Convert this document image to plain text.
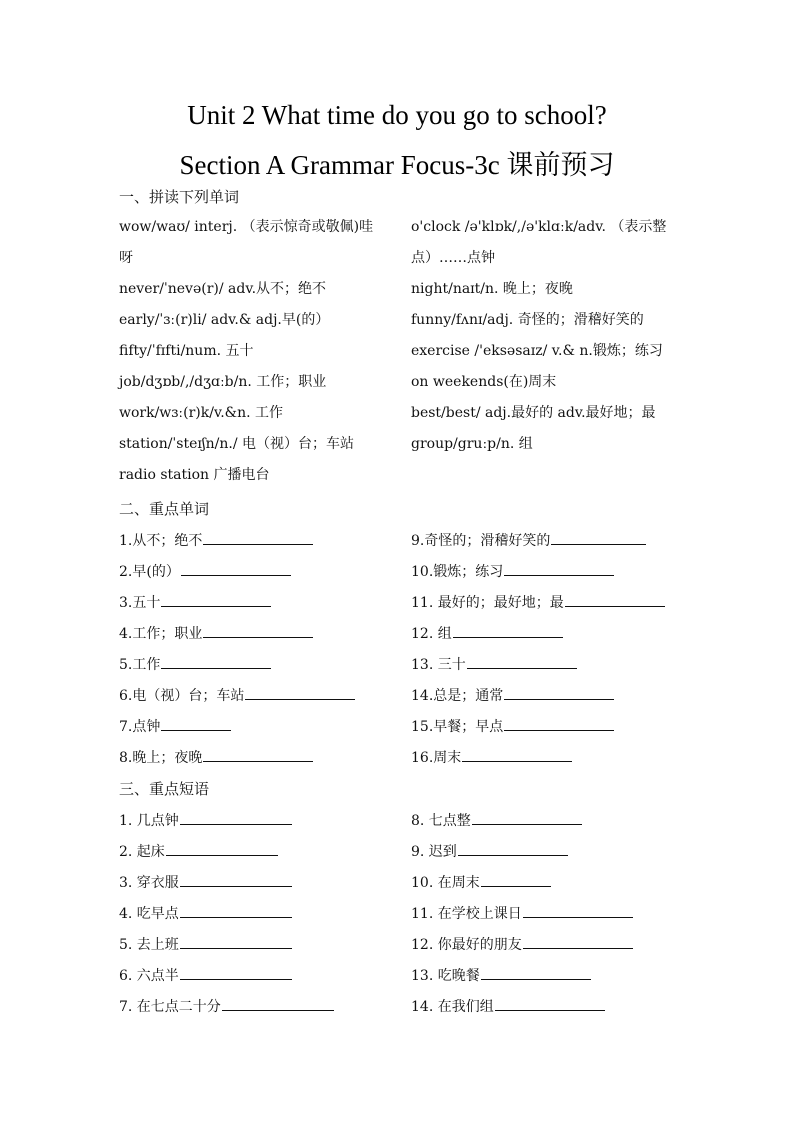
Unit 2 What time do you go to school?
Section A Grammar Focus-3c 课前预习
一、拼读下列单词
wow/waʊ/ interj. （表示惊奇或敬佩)哇
呀
never/ˈnevə(r)/ adv.从不；绝不
early/ˈɜː(r)li/ adv.& adj.早(的）
fifty/ˈfɪfti/num. 五十
job/dʒɒb/,/dʒɑːb/n. 工作；职业
work/wɜː(r)k/v.&n. 工作
station/ˈsteɪʃn/n./ 电（视）台；车站
radio station 广播电台
o'clock /ə'klɒk/,/ə'klɑːk/adv. （表示整
点）……点钟
night/naɪt/n. 晚上；夜晚
funny/fʌnɪ/adj. 奇怪的；滑稽好笑的
exercise /'eksəsaɪz/ v.& n.锻炼；练习
on weekends(在)周末
best/best/ adj.最好的 adv.最好地；最
group/gruːp/n. 组
二、重点单词
1.从不；绝不
2.早(的）
3.五十
4.工作；职业
5.工作
6.电（视）台；车站
7.点钟
8.晚上；夜晚
9.奇怪的；滑稽好笑的
10.锻炼；练习
11. 最好的；最好地；最
12. 组
13. 三十
14.总是；通常
15.早餐；早点
16.周末
三、重点短语
1. 几点钟
2. 起床
3. 穿衣服
4. 吃早点
5. 去上班
6. 六点半
7. 在七点二十分
8. 七点整
9. 迟到
10. 在周末
11. 在学校上课日
12. 你最好的朋友
13. 吃晚餐
14. 在我们组
